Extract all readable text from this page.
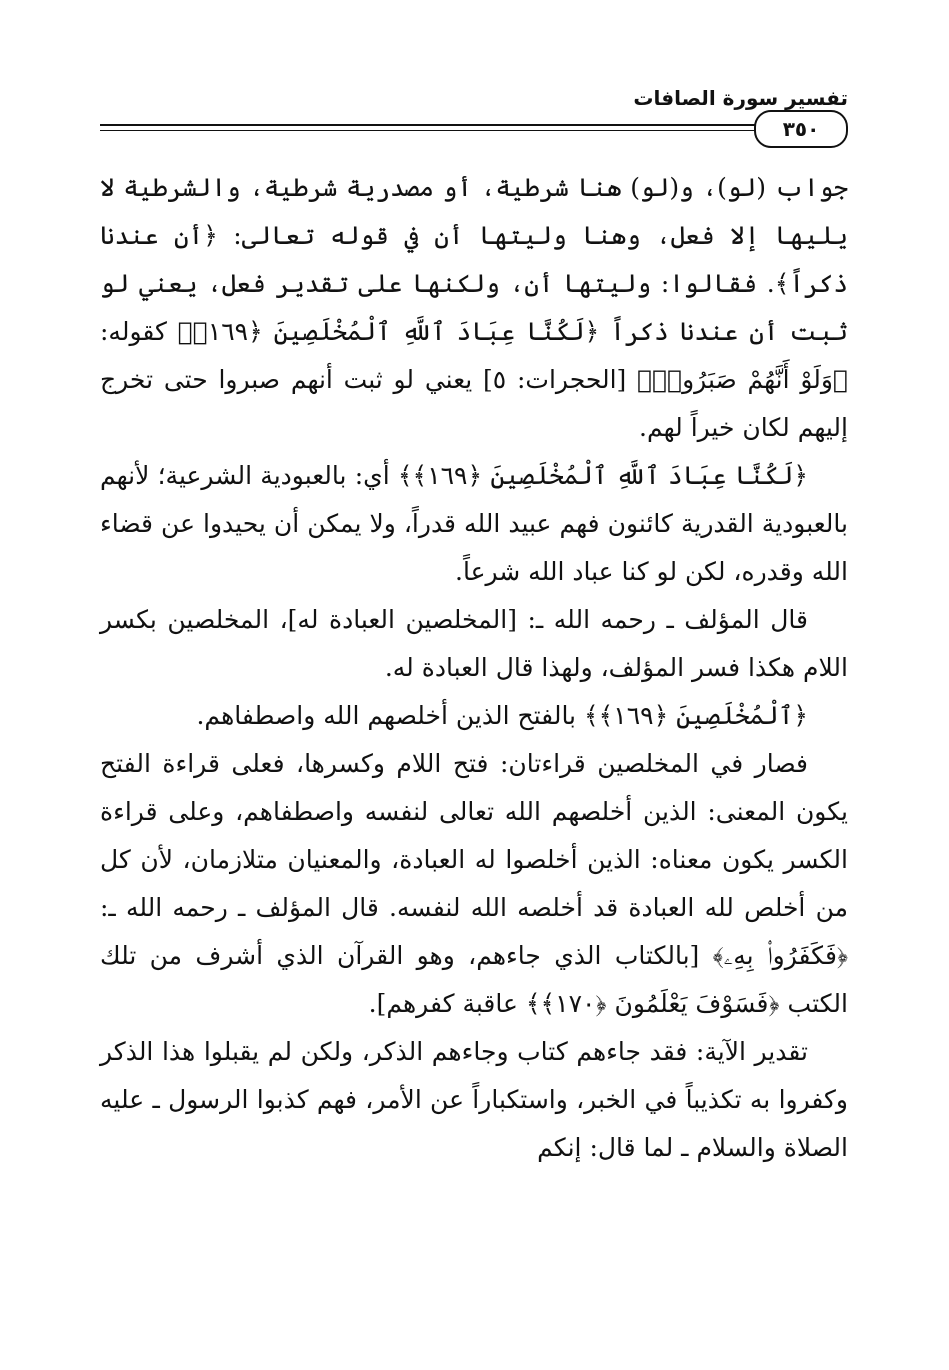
تفسير سورة الصافات
٣٥٠

جواب (لو)، و(لو) هنا شرطية، أو مصدرية شرطية، والشرطية لا يليها إلا فعل، وهنا وليتها أن في قوله تعالى: ﴿أن عندنا ذكراً﴾. فقالوا: وليتها أن، ولكنها على تقدير فعل، يعني لو ثبت أن عندنا ذكراً ﴿لَكُنَّا عِبَادَ ٱللَّهِ ٱلْمُخْلَصِينَ ﴿١٦٩﴾﴾ كقوله: ﴿وَلَوْ أَنَّهُمْ صَبَرُوا۟﴾ [الحجرات: ٥] يعني لو ثبت أنهم صبروا حتى تخرج إليهم لكان خيراً لهم.

﴿لَكُنَّا عِبَادَ ٱللَّهِ ٱلْمُخْلَصِينَ ﴿١٦٩﴾﴾ أي: بالعبودية الشرعية؛ لأنهم بالعبودية القدرية كائنون فهم عبيد الله قدراً، ولا يمكن أن يحيدوا عن قضاء الله وقدره، لكن لو كنا عباد الله شرعاً.

قال المؤلف ـ رحمه الله ـ: [المخلصين العبادة له]، المخلصين بكسر اللام هكذا فسر المؤلف، ولهذا قال العبادة له.

﴿ٱلْمُخْلَصِينَ ﴿١٦٩﴾﴾ بالفتح الذين أخلصهم الله واصطفاهم.

فصار في المخلصين قراءتان: فتح اللام وكسرها، فعلى قراءة الفتح يكون المعنى: الذين أخلصهم الله تعالى لنفسه واصطفاهم، وعلى قراءة الكسر يكون معناه: الذين أخلصوا له العبادة، والمعنيان متلازمان، لأن كل من أخلص لله العبادة قد أخلصه الله لنفسه. قال المؤلف ـ رحمه الله ـ: ﴿فَكَفَرُوا۟ بِهِۦ﴾ [بالكتاب الذي جاءهم، وهو القرآن الذي أشرف من تلك الكتب ﴿فَسَوْفَ يَعْلَمُونَ ﴿١٧٠﴾﴾ عاقبة كفرهم].

تقدير الآية: فقد جاءهم كتاب وجاءهم الذكر، ولكن لم يقبلوا هذا الذكر وكفروا به تكذيباً في الخبر، واستكباراً عن الأمر، فهم كذبوا الرسول ـ عليه الصلاة والسلام ـ لما قال: إنكم
